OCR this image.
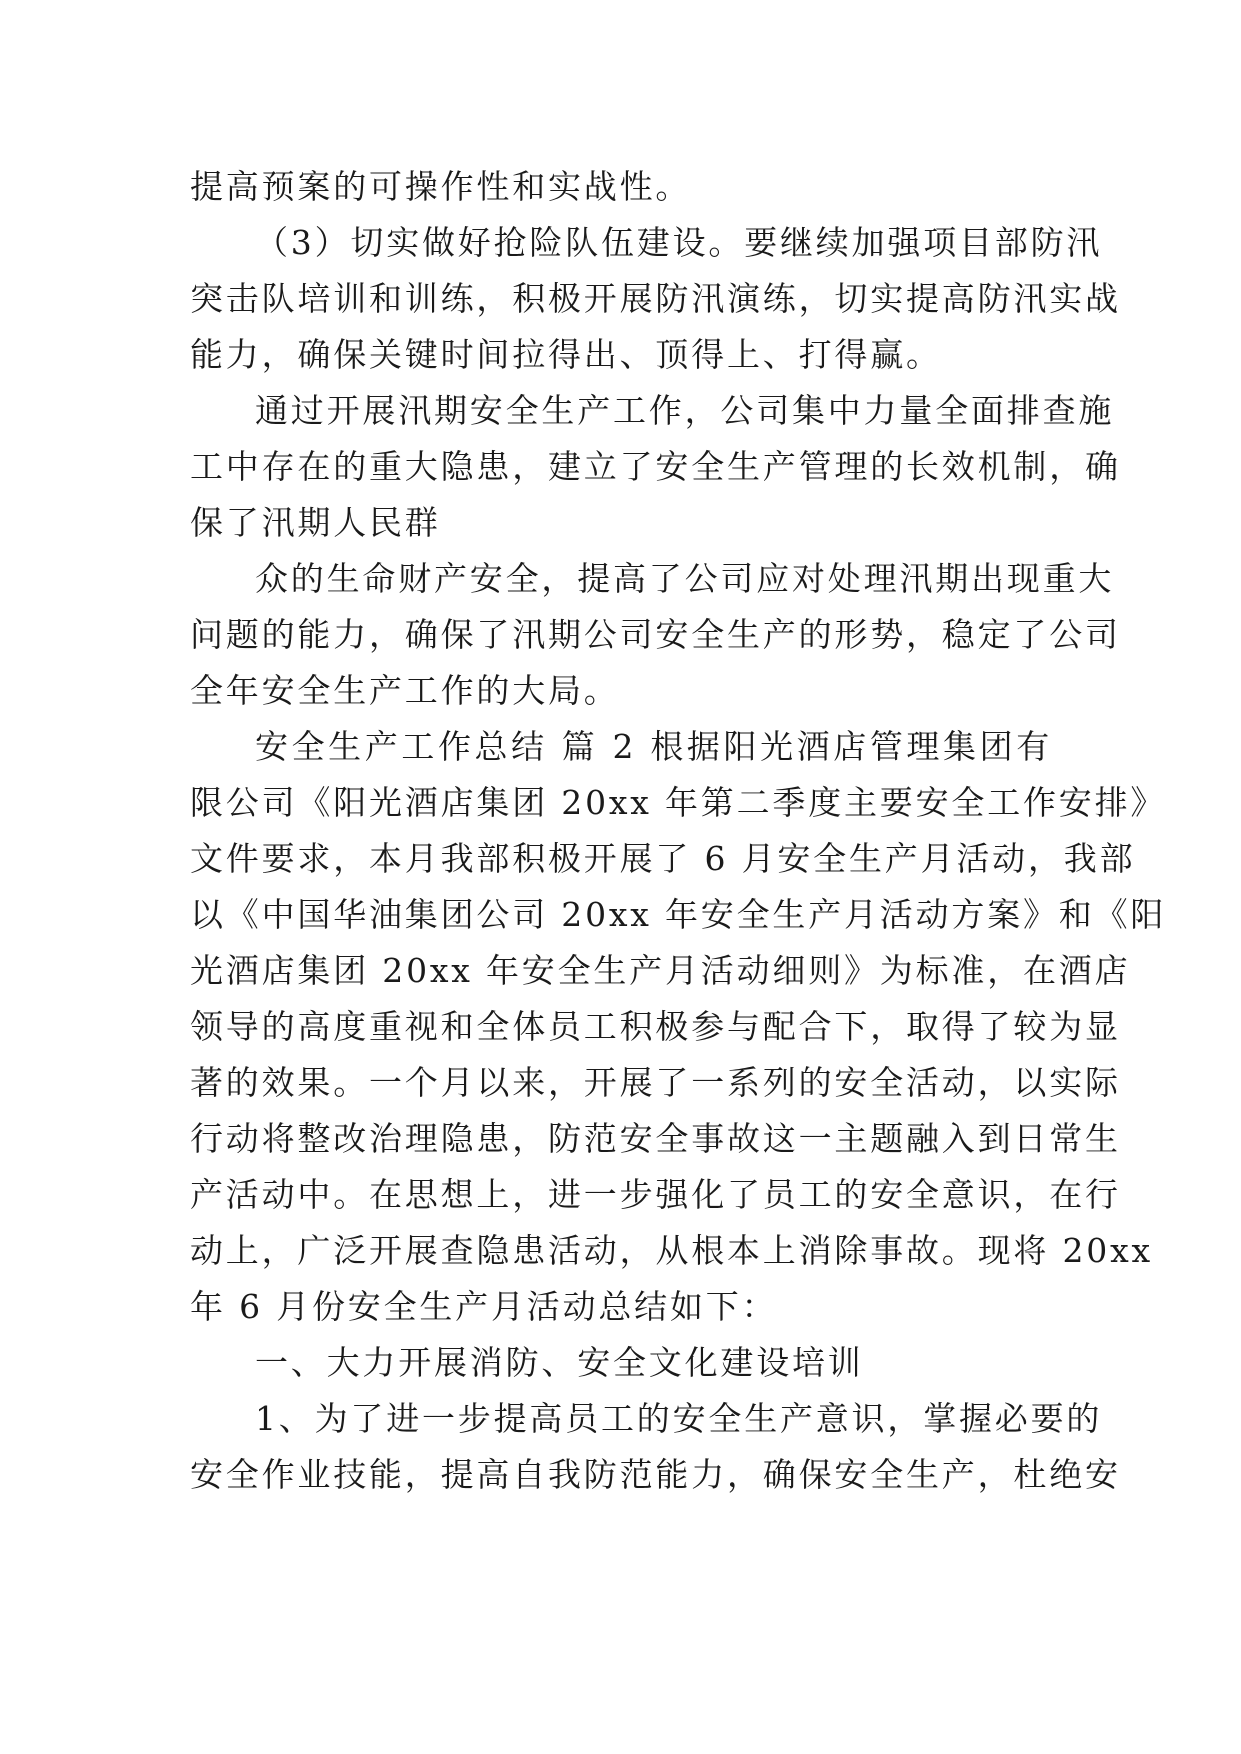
提高预案的可操作性和实战性。
（3）切实做好抢险队伍建设。要继续加强项目部防汛
突击队培训和训练，积极开展防汛演练，切实提高防汛实战
能力，确保关键时间拉得出、顶得上、打得赢。
通过开展汛期安全生产工作，公司集中力量全面排查施
工中存在的重大隐患，建立了安全生产管理的长效机制，确
保了汛期人民群
众的生命财产安全，提高了公司应对处理汛期出现重大
问题的能力，确保了汛期公司安全生产的形势，稳定了公司
全年安全生产工作的大局。
安全生产工作总结 篇 2 根据阳光酒店管理集团有
限公司《阳光酒店集团 20xx 年第二季度主要安全工作安排》
文件要求，本月我部积极开展了 6 月安全生产月活动，我部
以《中国华油集团公司 20xx 年安全生产月活动方案》和《阳
光酒店集团 20xx 年安全生产月活动细则》为标准，在酒店
领导的高度重视和全体员工积极参与配合下，取得了较为显
著的效果。一个月以来，开展了一系列的安全活动，以实际
行动将整改治理隐患，防范安全事故这一主题融入到日常生
产活动中。在思想上，进一步强化了员工的安全意识，在行
动上，广泛开展查隐患活动，从根本上消除事故。现将 20xx
年 6 月份安全生产月活动总结如下：
一、大力开展消防、安全文化建设培训
1、为了进一步提高员工的安全生产意识，掌握必要的
安全作业技能，提高自我防范能力，确保安全生产，杜绝安
